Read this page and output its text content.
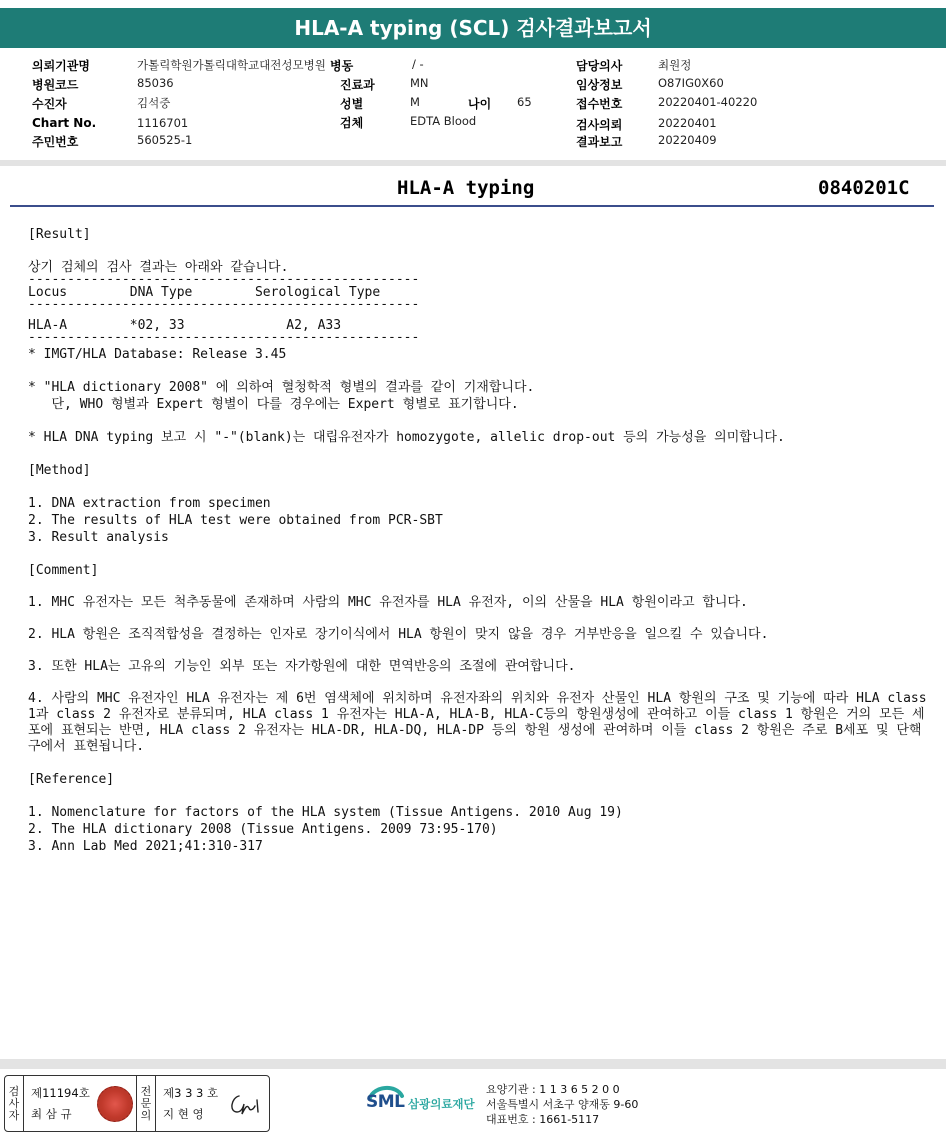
HLA-A typing (SCL) 검사결과보고서
의뢰기관명	가톨릭학원가톨릭대학교대전성모병원 병동	/ -	담당의사	최원정
병원코드	85036	진료과	MN	임상정보	O87IG0X60
수진자	김석중	성별	M	나이 65	접수번호	20220401-40220
Chart No.	1116701	검체	EDTA Blood	검사의뢰	20220401
주민번호	560525-1	결과보고	20220409
HLA-A typing	0840201C
[Result]
상기 검체의 검사 결과는 아래와 같습니다.
--------------------------------------------------
Locus        DNA Type        Serological Type
--------------------------------------------------
HLA-A        *02, 33             A2, A33
--------------------------------------------------
* IMGT/HLA Database: Release 3.45
* "HLA dictionary 2008" 에 의하여 혈청학적 형별의 결과를 같이 기재합니다.
단, WHO 형별과 Expert 형별이 다를 경우에는 Expert 형별로 표기합니다.
* HLA DNA typing 보고 시 "-"(blank)는 대립유전자가 homozygote, allelic drop-out 등의 가능성을 의미합니다.
[Method]
1. DNA extraction from specimen
2. The results of HLA test were obtained from PCR-SBT
3. Result analysis
[Comment]
1. MHC 유전자는 모든 척추동물에 존재하며 사람의 MHC 유전자를 HLA 유전자, 이의 산물을 HLA 항원이라고 합니다.
2. HLA 항원은 조직적합성을 결정하는 인자로 장기이식에서 HLA 항원이 맞지 않을 경우 거부반응을 일으킬 수 있습니다.
3. 또한 HLA는 고유의 기능인 외부 또는 자가항원에 대한 면역반응의 조절에 관여합니다.
4. 사람의 MHC 유전자인 HLA 유전자는 제 6번 염색체에 위치하며 유전자좌의 위치와 유전자 산물인 HLA 항원의 구조 및 기능에 따라 HLA class 1과 class 2 유전자로 분류되며, HLA class 1 유전자는 HLA-A, HLA-B, HLA-C등의 항원생성에 관여하고 이들 class 1 항원은 거의 모든 세포에 표현되는 반면, HLA class 2 유전자는 HLA-DR, HLA-DQ, HLA-DP 등의 항원 생성에 관여하며 이들 class 2 항원은 주로 B세포 및 단핵구에서 표현됩니다.
[Reference]
1. Nomenclature for factors of the HLA system (Tissue Antigens. 2010 Aug 19)
2. The HLA dictionary 2008 (Tissue Antigens. 2009 73:95-170)
3. Ann Lab Med 2021;41:310-317
검
사
자
제11194호
최 삼 규
전
문
의
제3 3 3 호
지 현 영
SML 삼광의료재단
요양기관 : 1 1 3 6 5 2 0 0
서울특별시 서초구 양재동 9-60
대표번호 : 1661-5117
